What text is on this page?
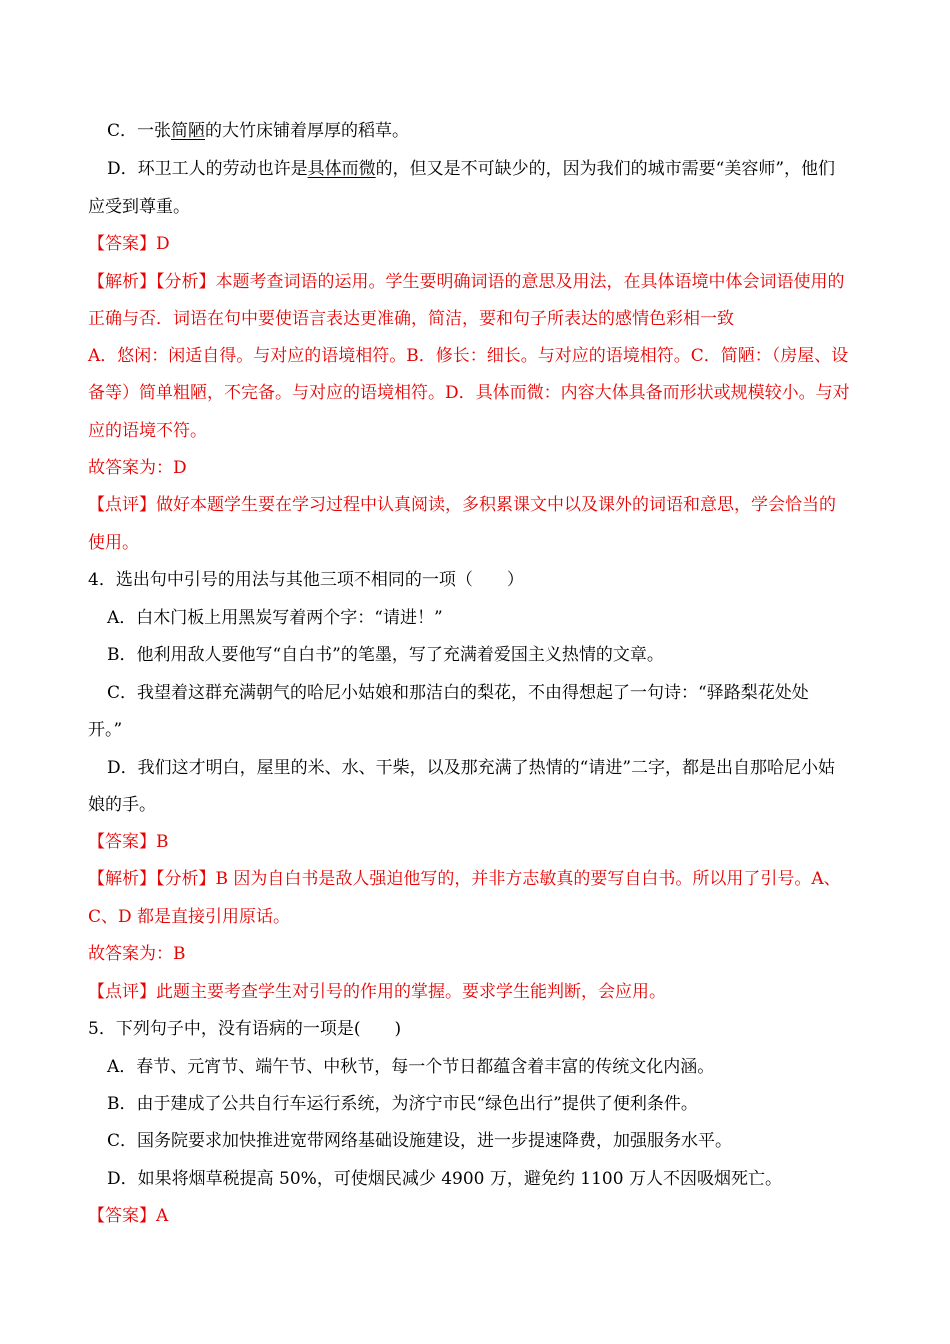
C．一张简陋的大竹床铺着厚厚的稻草。
D．环卫工人的劳动也许是具体而微的，但又是不可缺少的，因为我们的城市需要“美容师”，他们
应受到尊重。
【答案】D
【解析】【分析】本题考查词语的运用。学生要明确词语的意思及用法，在具体语境中体会词语使用的
正确与否．词语在句中要使语言表达更准确，简洁，要和句子所表达的感情色彩相一致
A．悠闲：闲适自得。与对应的语境相符。B．修长：细长。与对应的语境相符。C．简陋：（房屋、设
备等）简单粗陋，不完备。与对应的语境相符。D．具体而微：内容大体具备而形状或规模较小。与对
应的语境不符。
故答案为：D
【点评】做好本题学生要在学习过程中认真阅读，多积累课文中以及课外的词语和意思，学会恰当的
使用。
4．选出句中引号的用法与其他三项不相同的一项（　　）
A．白木门板上用黑炭写着两个字：“请进！”
B．他利用敌人要他写“自白书”的笔墨，写了充满着爱国主义热情的文章。
C．我望着这群充满朝气的哈尼小姑娘和那洁白的梨花，不由得想起了一句诗：“驿路梨花处处
开。”
D．我们这才明白，屋里的米、水、干柴，以及那充满了热情的“请进”二字，都是出自那哈尼小姑
娘的手。
【答案】B
【解析】【分析】B 因为自白书是敌人强迫他写的，并非方志敏真的要写自白书。所以用了引号。A、
C、D 都是直接引用原话。
故答案为：B
【点评】此题主要考查学生对引号的作用的掌握。要求学生能判断，会应用。
5．下列句子中，没有语病的一项是(　　)
A．春节、元宵节、端午节、中秋节，每一个节日都蕴含着丰富的传统文化内涵。
B．由于建成了公共自行车运行系统，为济宁市民“绿色出行”提供了便利条件。
C．国务院要求加快推进宽带网络基础设施建设，进一步提速降费，加强服务水平。
D．如果将烟草税提高 50%，可使烟民减少 4900 万，避免约 1100 万人不因吸烟死亡。
【答案】A
